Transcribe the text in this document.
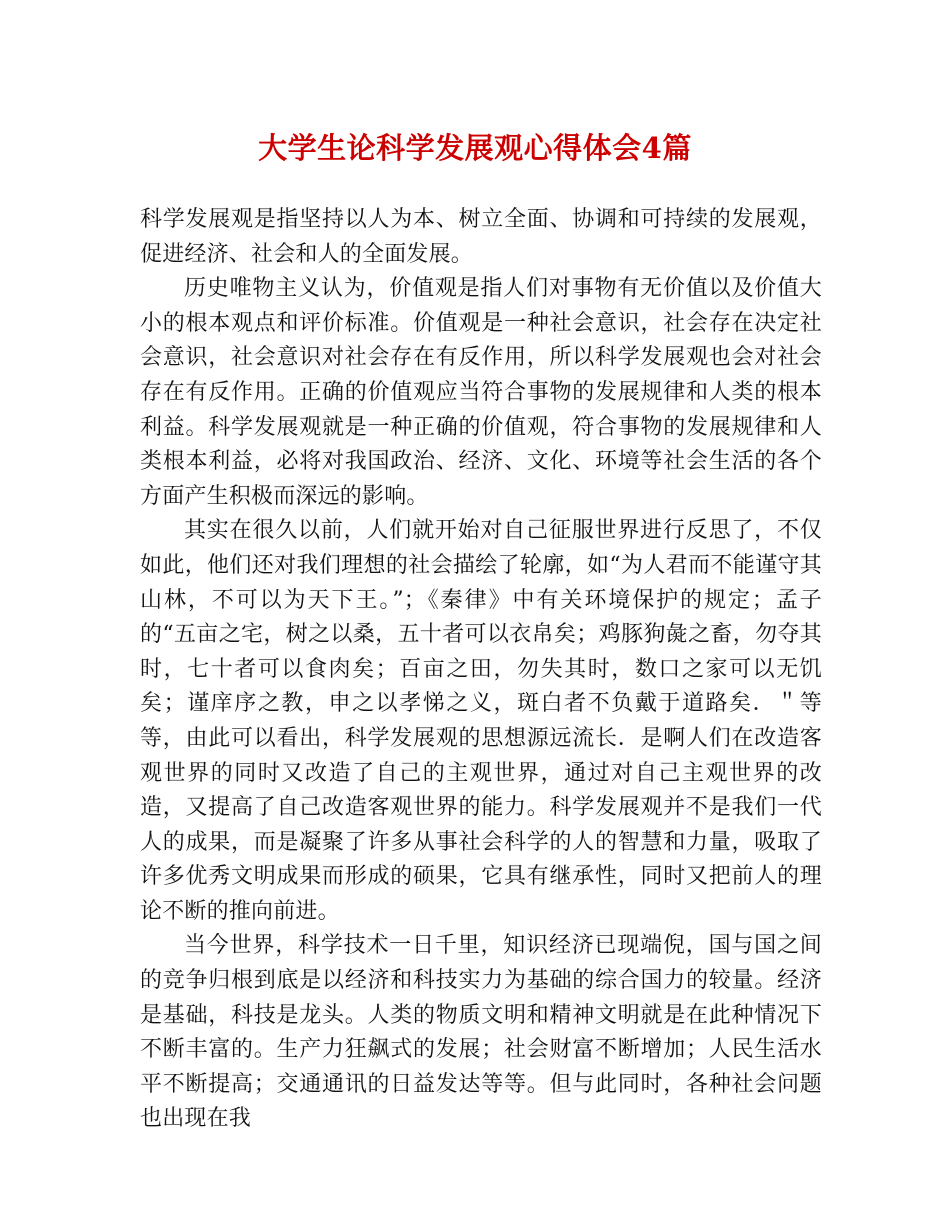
大学生论科学发展观心得体会4篇

科学发展观是指坚持以人为本、树立全面、协调和可持续的发展观，促进经济、社会和人的全面发展。

历史唯物主义认为，价值观是指人们对事物有无价值以及价值大小的根本观点和评价标准。价值观是一种社会意识，社会存在决定社会意识，社会意识对社会存在有反作用，所以科学发展观也会对社会存在有反作用。正确的价值观应当符合事物的发展规律和人类的根本利益。科学发展观就是一种正确的价值观，符合事物的发展规律和人类根本利益，必将对我国政治、经济、文化、环境等社会生活的各个方面产生积极而深远的影响。

其实在很久以前，人们就开始对自己征服世界进行反思了，不仅如此，他们还对我们理想的社会描绘了轮廓，如“为人君而不能谨守其山林，不可以为天下王。”；《秦律》中有关环境保护的规定；孟子的“五亩之宅，树之以桑，五十者可以衣帛矣；鸡豚狗彘之畜，勿夺其时，七十者可以食肉矣；百亩之田，勿失其时，数口之家可以无饥矣；谨庠序之教，申之以孝悌之义，斑白者不负戴于道路矣．＂等等，由此可以看出，科学发展观的思想源远流长．是啊人们在改造客观世界的同时又改造了自己的主观世界，通过对自己主观世界的改造，又提高了自己改造客观世界的能力。科学发展观并不是我们一代人的成果，而是凝聚了许多从事社会科学的人的智慧和力量，吸取了许多优秀文明成果而形成的硕果，它具有继承性，同时又把前人的理论不断的推向前进。

当今世界，科学技术一日千里，知识经济已现端倪，国与国之间的竞争归根到底是以经济和科技实力为基础的综合国力的较量。经济是基础，科技是龙头。人类的物质文明和精神文明就是在此种情况下不断丰富的。生产力狂飙式的发展；社会财富不断增加；人民生活水平不断提高；交通通讯的日益发达等等。但与此同时，各种社会问题也出现在我
